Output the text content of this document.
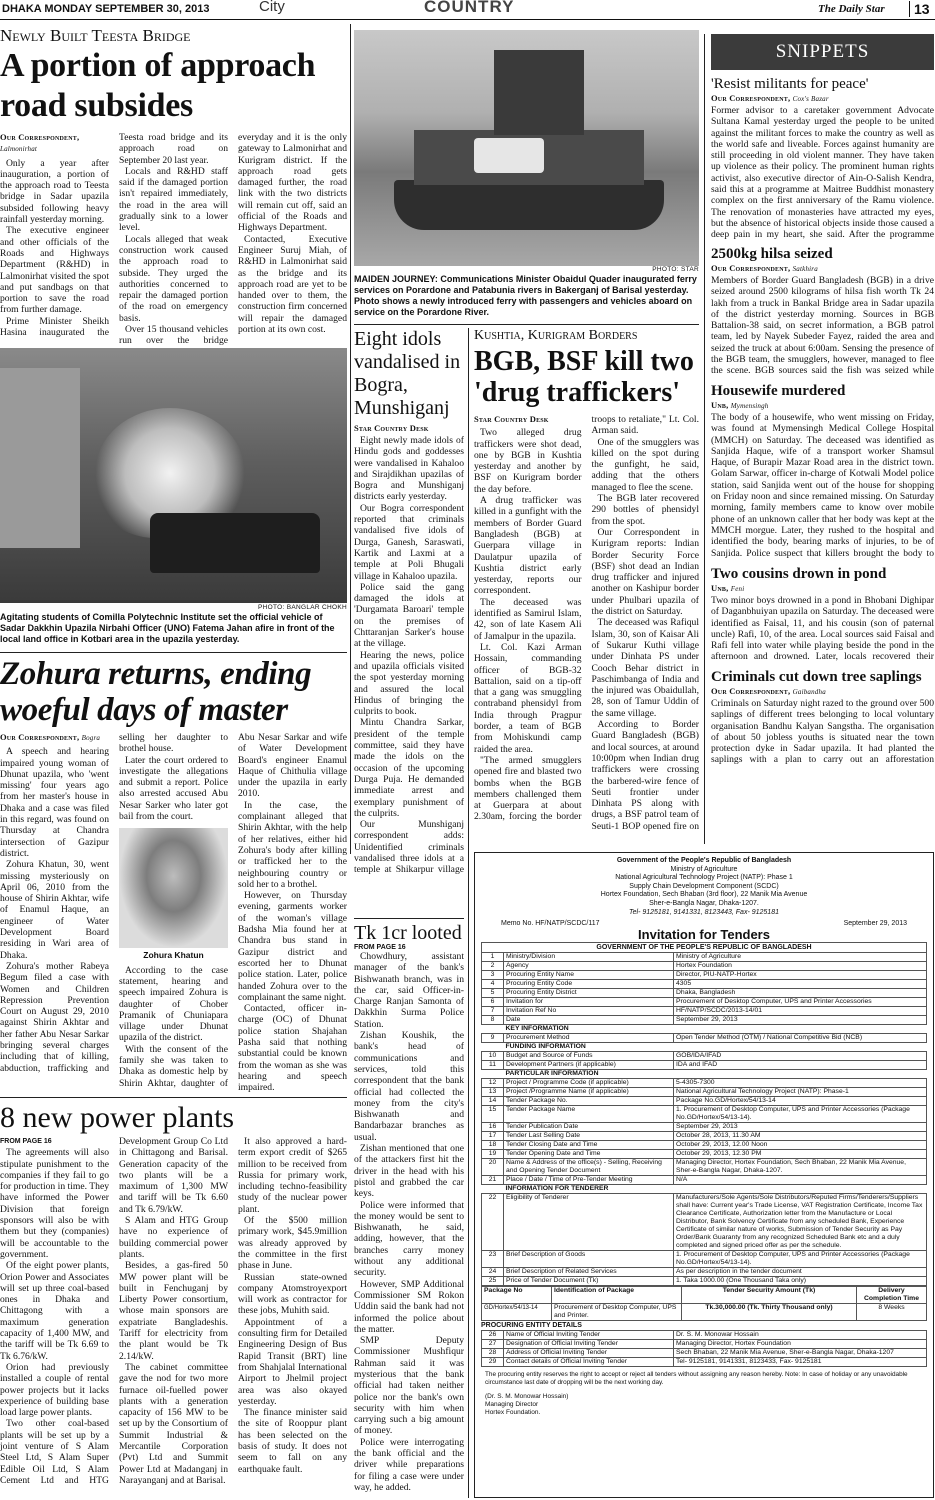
DHAKA MONDAY SEPTEMBER 30, 2013	City	COUNTRY	The Daily Star	13
Newly Built Teesta Bridge
A portion of approach road subsides
Our Correspondent,
Lalmonirhat

Only a year after inauguration, a portion of the approach road to Teesta bridge in Sadar upazila subsided following heavy rainfall yesterday morning.

The executive engineer and other officials of the Roads and Highways Department (R&HD) in Lalmonirhat visited the spot and put sandbags on that portion to save the road from further damage.

Prime Minister Sheikh Hasina inaugurated the Teesta road bridge and its approach road on September 20 last year.

Locals and R&HD staff said if the damaged portion isn't repaired immediately, the road in the area will gradually sink to a lower level.

Locals alleged that weak construction work caused the approach road to subside. They urged the authorities concerned to repair the damaged portion of the road on emergency basis.

Over 15 thousand vehicles run over the bridge everyday and it is the only gateway to Lalmonirhat and Kurigram district. If the approach road gets damaged further, the road link with the two districts will remain cut off, said an official of the Roads and Highways Department.

Contacted, Executive Engineer Suruj Miah, of R&HD in Lalmonirhat said as the bridge and its approach road are yet to be handed over to them, the construction firm concerned will repair the damaged portion at its own cost.

PHOTO: BANGLAR CHOKH
Agitating students of Comilla Polytechnic Institute set the official vehicle of Sadar Dakkhin Upazila Nirbahi Officer (UNO) Fatema Jahan afire in front of the local land office in Kotbari area in the upazila yesterday.
Zohura returns, ending woeful days of master
Our Correspondent, Bogra

A speech and hearing impaired young woman of Dhunat upazila, who 'went missing' four years ago from her master's house in Dhaka and a case was filed in this regard, was found on Thursday at Chandra intersection of Gazipur district.

Zohura Khatun, 30, went missing mysteriously on April 06, 2010 from the house of Shirin Akhtar, wife of Enamul Haque, an engineer of Water Development Board residing in Wari area of Dhaka.

Zohura's mother Rabeya Begum filed a case with Women and Children Repression Prevention Court on August 29, 2010 against Shirin Akhtar and her father Abu Nesar Sarkar bringing several charges including that of killing, abduction, trafficking and selling her daughter to brothel house.

Later the court ordered to investigate the allegations and submit a report. Police also arrested accused Abu Nesar Sarker who later got bail from the court.

Zohura Khatun

According to the case statement, hearing and speech impaired Zohura is daughter of Chober Pramanik of Chuniapara village under Dhunat upazila of the district.

With the consent of the family she was taken to Dhaka as domestic help by Shirin Akhtar, daughter of Abu Nesar Sarkar and wife of Water Development Board's engineer Enamul Haque of Chithulia village under the upazila in early 2010.

In the case, the complainant alleged that Shirin Akhtar, with the help of her relatives, either hid Zohura's body after killing or trafficked her to the neighbouring country or sold her to a brothel.

However, on Thursday evening, garments worker of the woman's village Badsha Mia found her at Chandra bus stand in Gazipur district and escorted her to Dhunat police station. Later, police handed Zohura over to the complainant the same night.

Contacted, officer in-charge (OC) of Dhunat police station Shajahan Pasha said that nothing substantial could be known from the woman as she was hearing and speech impaired.

8 new power plants
FROM PAGE 16

The agreements will also stipulate punishment to the companies if they fail to go for production in time. They have informed the Power Division that foreign sponsors will also be with them but they (companies) will be accountable to the government.

Of the eight power plants, Orion Power and Associates will set up three coal-based ones in Dhaka and Chittagong with a maximum generation capacity of 1,400 MW, and the tariff will be Tk 6.69 to Tk 6.76/kW.

Orion had previously installed a couple of rental power projects but it lacks experience of building base load large power plants.

Two other coal-based plants will be set up by a joint venture of S Alam Steel Ltd, S Alam Super Edible Oil Ltd, S Alam Cement Ltd and HTG Development Group Co Ltd in Chittagong and Barisal. Generation capacity of the two plants will be a maximum of 1,300 MW and tariff will be Tk 6.60 and Tk 6.79/kW.

S Alam and HTG Group have no experience of building commercial power plants.

Besides, a gas-fired 50 MW power plant will be built in Fenchuganj by Liberty Power consortium, whose main sponsors are expatriate Bangladeshis. Tariff for electricity from the plant would be Tk 2.14/kW.

The cabinet committee gave the nod for two more furnace oil-fuelled power plants with a generation capacity of 156 MW to be set up by the Consortium of Summit Industrial & Mercantile Corporation (Pvt) Ltd and Summit Power Ltd at Madanganj in Narayanganj and at Barisal.

It also approved a hard-term export credit of $265 million to be received from Russia for primary work, including techno-feasibility study of the nuclear power plant.

Of the $500 million primary work, $45.9million was already approved by the committee in the first phase in June.

Russian state-owned company Atomstroyexport will work as contractor for these jobs, Muhith said.

Appointment of a consulting firm for Detailed Engineering Design of Bus Rapid Transit (BRT) line from Shahjalal International Airport to Jhelmil project area was also okayed yesterday.

The finance minister said the site of Rooppur plant has been selected on the basis of study. It does not seem to fall on any earthquake fault.

PHOTO: STAR
MAIDEN JOURNEY: Communications Minister Obaidul Quader inaugurated ferry services on Porardone and Patabunia rivers in Bakerganj of Barisal yesterday. Photo shows a newly introduced ferry with passengers and vehicles aboard on service on the Porardone River.
Eight idols vandalised in Bogra, Munshiganj
Star Country Desk

Eight newly made idols of Hindu gods and goddesses were vandalised in Kahaloo and Sirajdikhan upazilas of Bogra and Munshiganj districts early yesterday.

Our Bogra correspondent reported that criminals vandalised five idols of Durga, Ganesh, Saraswati, Kartik and Laxmi at a temple at Poli Bhugali village in Kahaloo upazila.

Police said the gang damaged the idols at 'Durgamata Baroari' temple on the premises of Chttaranjan Sarker's house at the village.

Hearing the news, police and upazila officials visited the spot yesterday morning and assured the local Hindus of bringing the culprits to book.

Mintu Chandra Sarkar, president of the temple committee, said they have made the idols on the occasion of the upcoming Durga Puja. He demanded immediate arrest and exemplary punishment of the culprits.

Our Munshiganj correspondent adds: Unidentified criminals vandalised three idols at a temple at Shikarpur village

Tk 1cr looted
FROM PAGE 16

Chowdhury, assistant manager of the bank's Bishwanath branch, was in the car, said Officer-in-Charge Ranjan Samonta of Dakkhin Surma Police Station.

Zishan Koushik, the bank's head of communications and services, told this correspondent that the bank official had collected the money from the city's Bishwanath and Bandarbazar branches as usual.

Zishan mentioned that one of the attackers first hit the driver in the head with his pistol and grabbed the car keys.

Police were informed that the money would be sent to Bishwanath, he said, adding, however, that the branches carry money without any additional security.

However, SMP Additional Commissioner SM Rokon Uddin said the bank had not informed the police about the matter.

SMP Deputy Commissioner Mushfiqur Rahman said it was mysterious that the bank official had taken neither police nor the bank's own security with him when carrying such a big amount of money.

Police were interrogating the bank official and the driver while preparations for filing a case were under way, he added.

Kushtia, Kurigram Borders
BGB, BSF kill two 'drug traffickers'
Star Country Desk

Two alleged drug traffickers were shot dead, one by BGB in Kushtia yesterday and another by BSF on Kurigram border the day before.

A drug trafficker was killed in a gunfight with the members of Border Guard Bangladesh (BGB) at Guerpara village in Daulatpur upazila of Kushtia district early yesterday, reports our correspondent.

The deceased was identified as Samirul Islam, 42, son of late Kasem Ali of Jamalpur in the upazila.

Lt. Col. Kazi Arman Hossain, commanding officer of BGB-32 Battalion, said on a tip-off that a gang was smuggling contraband phensidyl from India through Pragpur border, a team of BGB from Mohiskundi camp raided the area.

"The armed smugglers opened fire and blasted two bombs when the BGB members challenged them at Guerpara at about 2.30am, forcing the border troops to retaliate," Lt. Col. Arman said.

One of the smugglers was killed on the spot during the gunfight, he said, adding that the others managed to flee the scene.

The BGB later recovered 290 bottles of phensidyl from the spot.

Our Correspondent in Kurigram reports: Indian Border Security Force (BSF) shot dead an Indian drug trafficker and injured another on Kashipur border under Phulbari upazila of the district on Saturday.

The deceased was Rafiqul Islam, 30, son of Kaisar Ali of Sukarur Kuthi village under Dinhata PS under Cooch Behar district in Paschimbanga of India and the injured was Obaidullah, 28, son of Tamur Uddin of the same village.

According to Border Guard Bangladesh (BGB) and local sources, at around 10:00pm when Indian drug traffickers were crossing the barbered-wire fence of Seuti frontier under Dinhata PS along with drugs, a BSF patrol team of Seuti-1 BOP opened fire on

SNIPPETS
'Resist militants for peace'
Our Correspondent, Cox's Bazar
Former advisor to a caretaker government Advocate Sultana Kamal yesterday urged the people to be united against the militant forces to make the country as well as the world safe and liveable. Forces against humanity are still proceeding in old violent manner. They have taken up violence as their policy. The prominent human rights activist, also executive director of Ain-O-Salish Kendra, said this at a programme at Maitree Buddhist monastery complex on the first anniversary of the Ramu violence. The renovation of monasteries have attracted my eyes, but the absence of historical objects inside those caused a deep pain in my heart, she said. After the programme
2500kg hilsa seized
Our Correspondent, Satkhira
Members of Border Guard Bangladesh (BGB) in a drive seized around 2500 kilograms of hilsa fish worth Tk 24 lakh from a truck in Bankal Bridge area in Sadar upazila of the district yesterday morning. Sources in BGB Battalion-38 said, on secret information, a BGB patrol team, led by Nayek Subeder Fayez, raided the area and seized the truck at about 6:00am. Sensing the presence of the BGB team, the smugglers, however, managed to flee the scene. BGB sources said the fish was seized while
Housewife murdered
Unb, Mymensingh
The body of a housewife, who went missing on Friday, was found at Mymensingh Medical College Hospital (MMCH) on Saturday. The deceased was identified as Sanjida Haque, wife of a transport worker Shamsul Haque, of Burapir Mazar Road area in the district town. Golam Sarwar, officer in-charge of Kotwali Model police station, said Sanjida went out of the house for shopping on Friday noon and since remained missing. On Saturday morning, family members came to know over mobile phone of an unknown caller that her body was kept at the MMCH morgue. Later, they rushed to the hospital and identified the body, bearing marks of injuries, to be of Sanjida. Police suspect that killers brought the body to
Two cousins drown in pond
Unb, Feni
Two minor boys drowned in a pond in Bhobani Dighipar of Daganbhuiyan upazila on Saturday. The deceased were identified as Faisal, 11, and his cousin (son of paternal uncle) Rafi, 10, of the area. Local sources said Faisal and Rafi fell into water while playing beside the pond in the afternoon and drowned. Later, locals recovered their
Criminals cut down tree saplings
Our Correspondent, Gaibandha
Criminals on Saturday night razed to the ground over 500 saplings of different trees belonging to local voluntary organisation Bandhu Kalyan Sangstha. The organisation of about 50 jobless youths is situated near the town protection dyke in Sadar upazila. It had planted the saplings with a plan to carry out an afforestation
Government of the People's Republic of Bangladesh
Ministry of Agriculture
National Agricultural Technology Project (NATP): Phase 1
Supply Chain Development Component (SCDC)
Hortex Foundation, Sech Bhaban (3rd floor), 22 Manik Mia Avenue
Sher-e-Bangla Nagar, Dhaka-1207.
Tel- 9125181, 9141331, 8123443, Fax- 9125181
Memo No. HF/NATP/SCDC/117	September 29, 2013
Invitation for Tenders
GOVERNMENT OF THE PEOPLE'S REPUBLIC OF BANGLADESH
1	Ministry/Division	Ministry of Agriculture
2	Agency	Hortex Foundation
3	Procuring Entity Name	Director, PIU-NATP-Hortex
4	Procuring Entity Code	4305
5	Procuring Entity District	Dhaka, Bangladesh
6	Invitation for	Procurement of Desktop Computer, UPS and Printer Accessories
7	Invitation Ref No	HF/NATP/SCDC/2013-14/01
8	Date	September 29, 2013
	KEY INFORMATION	
9	Procurement Method	Open Tender Method (OTM) / National Competitive Bid (NCB)
	FUNDING INFORMATION	
10	Budget and Source of Funds	GOB/IDA/IFAD
11	Development Partners (if applicable)	IDA and IFAD
	PARTICULAR INFORMATION	
12	Project / Programme Code (if applicable)	5-4305-7300
13	Project /Programme Name (if applicable)	National Agricultural Technology Project (NATP): Phase-1
14	Tender Package No.	Package No.GD/Hortex/54/13-14
15	Tender Package Name	1. Procurement of Desktop Computer, UPS and Printer Accessories (Package No.GD/Hortex/54/13-14).
16	Tender Publication Date	September 29, 2013
17	Tender Last Selling Date	October 28, 2013, 11.30 AM
18	Tender Closing Date and Time	October 29, 2013, 12.00 Noon
19	Tender Opening Date and Time	October 29, 2013, 12.30 PM
20	Name & Address of the office(s) - Selling, Receiving and Opening Tender Document	Managing Director, Hortex Foundation, Sech Bhaban, 22 Manik Mia Avenue, Sher-e-Bangla Nagar, Dhaka-1207.
21	Place / Date / Time of Pre-Tender Meeting	N/A
	INFORMATION FOR TENDERER	
22	Eligibility of Tenderer	Manufacturers/Sole Agents/Sole Distributors/Reputed Firms/Tenderers/Suppliers shall have: Current year's Trade License, VAT Registration Certificate, Income Tax Clearance Certificate, Authorization letter from the Manufacture or Local Distributor, Bank Solvency Certificate from any scheduled Bank, Experience Certificate of similar nature of works, Submission of Tender Security as Pay Order/Bank Guaranty from any recognized Scheduled Bank etc and a duly completed and signed priced offer as per the schedule.
23	Brief Description of Goods	1. Procurement of Desktop Computer, UPS and Printer Accessories (Package No.GD/Hortex/54/13-14).
24	Brief Description of Related Services	As per description in the tender document
25	Price of Tender Document (Tk)	1. Taka 1000.00 (One Thousand Taka only)
Package No	Identification of Package	Tender Security Amount (Tk)	Delivery Completion Time
GD/Hortex/54/13-14	Procurement of Desktop Computer, UPS and Printer.	Tk.30,000.00 (Tk. Thirty Thousand only)	8 Weeks
PROCURING ENTITY DETAILS
26	Name of Official Inviting Tender	Dr. S. M. Monowar Hossain
27	Designation of Official Inviting Tender	Managing Director, Hortex Foundation
28	Address of Official Inviting Tender	Sech Bhaban, 22 Manik Mia Avenue, Sher-e-Bangla Nagar, Dhaka-1207
29	Contact details of Official Inviting Tender	Tel- 9125181, 9141331, 8123433, Fax- 9125181
The procuring entity reserves the right to accept or reject all tenders without assigning any reason hereby. Note: In case of holiday or any unavoidable circumstance last date of dropping will be the next working day.
(Dr. S. M. Monowar Hossain)
Managing Director
Hortex Foundation.
